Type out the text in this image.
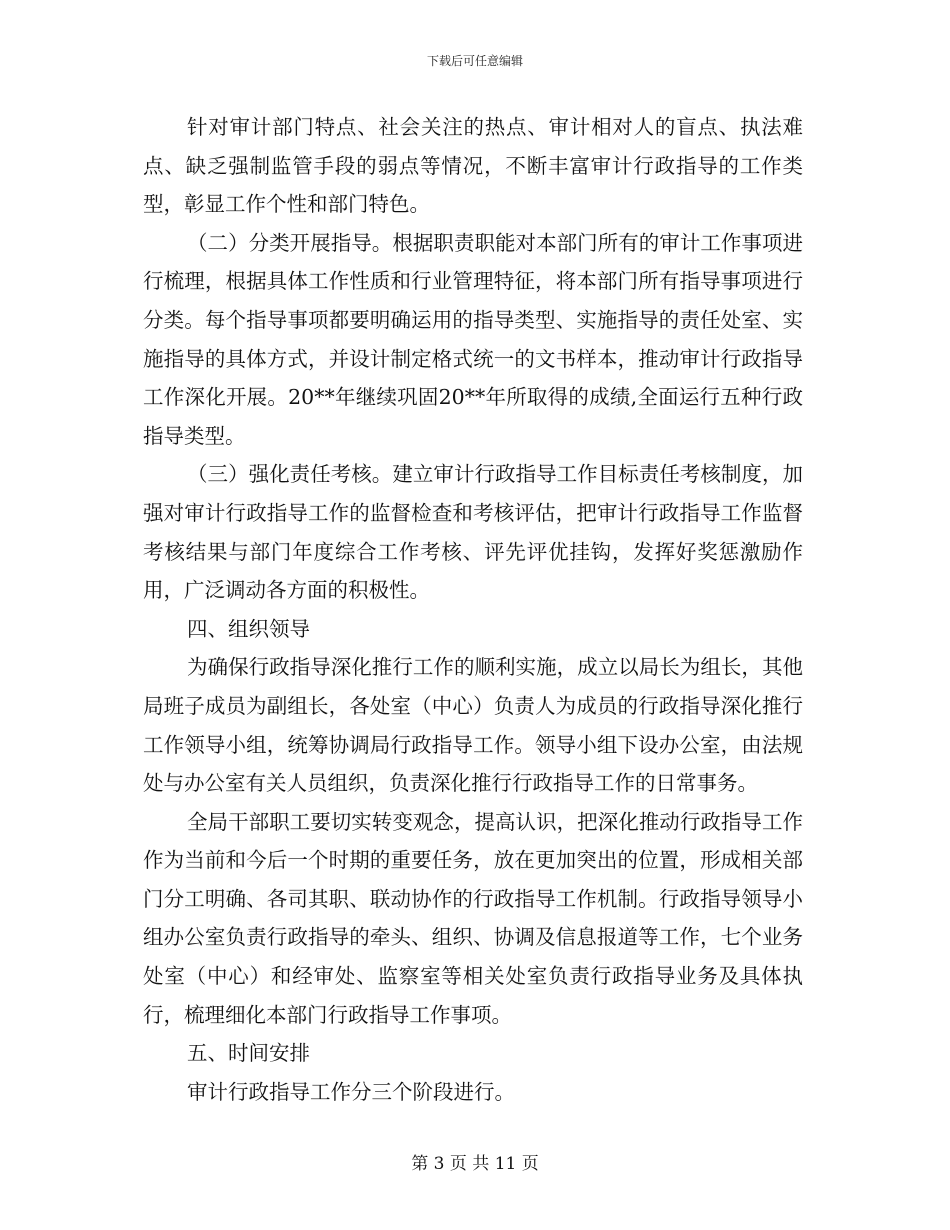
下载后可任意编辑

针对审计部门特点、社会关注的热点、审计相对人的盲点、执法难点、缺乏强制监管手段的弱点等情况，不断丰富审计行政指导的工作类型，彰显工作个性和部门特色。

（二）分类开展指导。根据职责职能对本部门所有的审计工作事项进行梳理，根据具体工作性质和行业管理特征，将本部门所有指导事项进行分类。每个指导事项都要明确运用的指导类型、实施指导的责任处室、实施指导的具体方式，并设计制定格式统一的文书样本，推动审计行政指导工作深化开展。20**年继续巩固20**年所取得的成绩,全面运行五种行政指导类型。

（三）强化责任考核。建立审计行政指导工作目标责任考核制度，加强对审计行政指导工作的监督检查和考核评估，把审计行政指导工作监督考核结果与部门年度综合工作考核、评先评优挂钩，发挥好奖惩激励作用，广泛调动各方面的积极性。

四、组织领导

为确保行政指导深化推行工作的顺利实施，成立以局长为组长，其他局班子成员为副组长，各处室（中心）负责人为成员的行政指导深化推行工作领导小组，统筹协调局行政指导工作。领导小组下设办公室，由法规处与办公室有关人员组织，负责深化推行行政指导工作的日常事务。

全局干部职工要切实转变观念，提高认识，把深化推动行政指导工作作为当前和今后一个时期的重要任务，放在更加突出的位置，形成相关部门分工明确、各司其职、联动协作的行政指导工作机制。行政指导领导小组办公室负责行政指导的牵头、组织、协调及信息报道等工作，七个业务处室（中心）和经审处、监察室等相关处室负责行政指导业务及具体执行，梳理细化本部门行政指导工作事项。

五、时间安排

审计行政指导工作分三个阶段进行。

第 3 页 共 11 页
